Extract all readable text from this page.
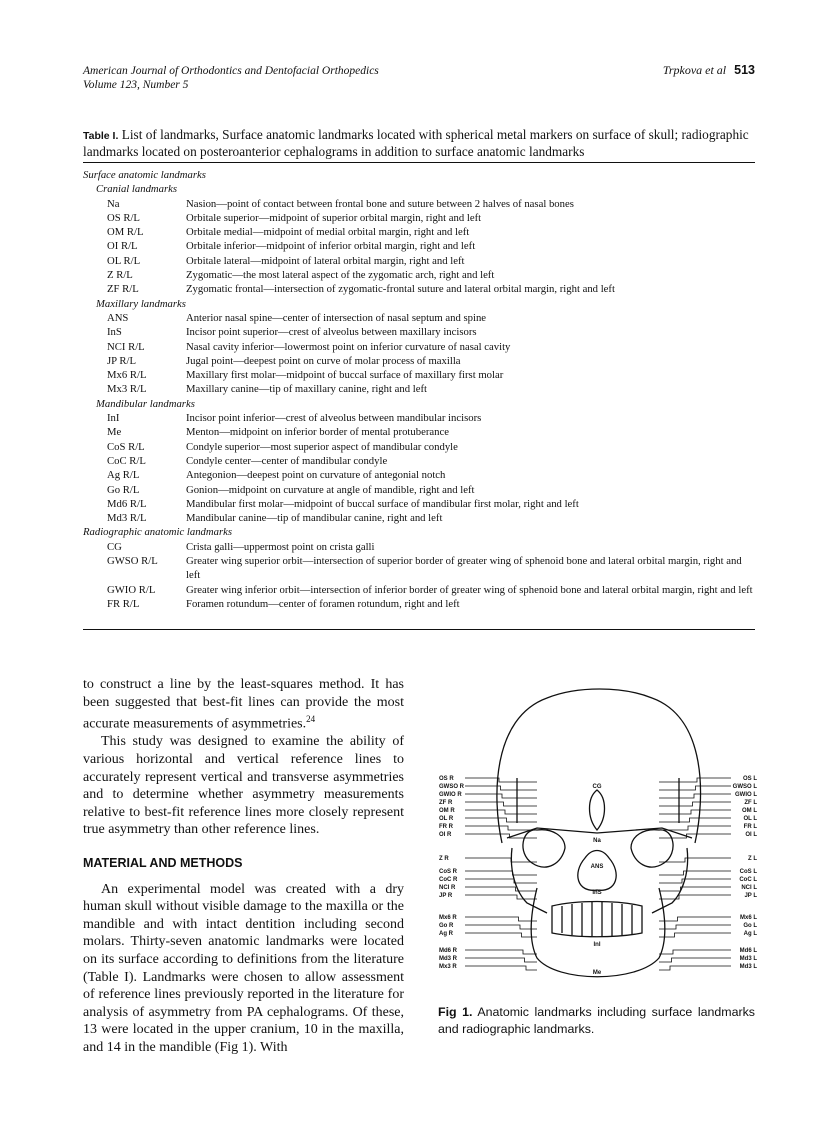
American Journal of Orthodontics and Dentofacial Orthopedics
Volume 123, Number 5
Trpkova et al 513
Table I. List of landmarks, Surface anatomic landmarks located with spherical metal markers on surface of skull; radiographic landmarks located on posteroanterior cephalograms in addition to surface anatomic landmarks
Surface anatomic landmarks
Cranial landmarks
Na	Nasion—point of contact between frontal bone and suture between 2 halves of nasal bones
OS R/L	Orbitale superior—midpoint of superior orbital margin, right and left
OM R/L	Orbitale medial—midpoint of medial orbital margin, right and left
OI R/L	Orbitale inferior—midpoint of inferior orbital margin, right and left
OL R/L	Orbitale lateral—midpoint of lateral orbital margin, right and left
Z R/L	Zygomatic—the most lateral aspect of the zygomatic arch, right and left
ZF R/L	Zygomatic frontal—intersection of zygomatic-frontal suture and lateral orbital margin, right and left
Maxillary landmarks
ANS	Anterior nasal spine—center of intersection of nasal septum and spine
InS	Incisor point superior—crest of alveolus between maxillary incisors
NCI R/L	Nasal cavity inferior—lowermost point on inferior curvature of nasal cavity
JP R/L	Jugal point—deepest point on curve of molar process of maxilla
Mx6 R/L	Maxillary first molar—midpoint of buccal surface of maxillary first molar
Mx3 R/L	Maxillary canine—tip of maxillary canine, right and left
Mandibular landmarks
InI	Incisor point inferior—crest of alveolus between mandibular incisors
Me	Menton—midpoint on inferior border of mental protuberance
CoS R/L	Condyle superior—most superior aspect of mandibular condyle
CoC R/L	Condyle center—center of mandibular condyle
Ag R/L	Antegonion—deepest point on curvature of antegonial notch
Go R/L	Gonion—midpoint on curvature at angle of mandible, right and left
Md6 R/L	Mandibular first molar—midpoint of buccal surface of mandibular first molar, right and left
Md3 R/L	Mandibular canine—tip of mandibular canine, right and left
Radiographic anatomic landmarks
CG	Crista galli—uppermost point on crista galli
GWSO R/L	Greater wing superior orbit—intersection of superior border of greater wing of sphenoid bone and lateral orbital margin, right and left
GWIO R/L	Greater wing inferior orbit—intersection of inferior border of greater wing of sphenoid bone and lateral orbital margin, right and left
FR R/L	Foramen rotundum—center of foramen rotundum, right and left

to construct a line by the least-squares method. It has been suggested that best-fit lines can provide the most accurate measurements of asymmetries.$^{24}$

This study was designed to examine the ability of various horizontal and vertical reference lines to accurately represent vertical and transverse asymmetries and to determine whether asymmetry measurements relative to best-fit reference lines more closely represent true asymmetry than other reference lines.

MATERIAL AND METHODS

An experimental model was created with a dry human skull without visible damage to the maxilla or the mandible and with intact dentition including second molars. Thirty-seven anatomic landmarks were located on its surface according to definitions from the literature (Table I). Landmarks were chosen to allow assessment of reference lines previously reported in the literature for analysis of asymmetry from PA cephalograms. Of these, 13 were located in the upper cranium, 10 in the maxilla, and 14 in the mandible (Fig 1). With

OS R
GWSO R
GWIO R
ZF R
OM R
OL R
FR R
OI R
Z R
CoS R
CoC R
NCI R
JP R
Mx6 R
Go R
Ag R
Md6 R
Md3 R
Mx3 R
OS L
GWSO L
GWIO L
ZF L
OM L
OL L
FR L
OI L
Z L
CoS L
CoC L
NCI L
JP L
Mx6 L
Go L
Ag L
Md6 L
Md3 L
Md3 L
CG
Na
ANS
InS
InI
Me
Fig 1. Anatomic landmarks including surface landmarks and radiographic landmarks.
